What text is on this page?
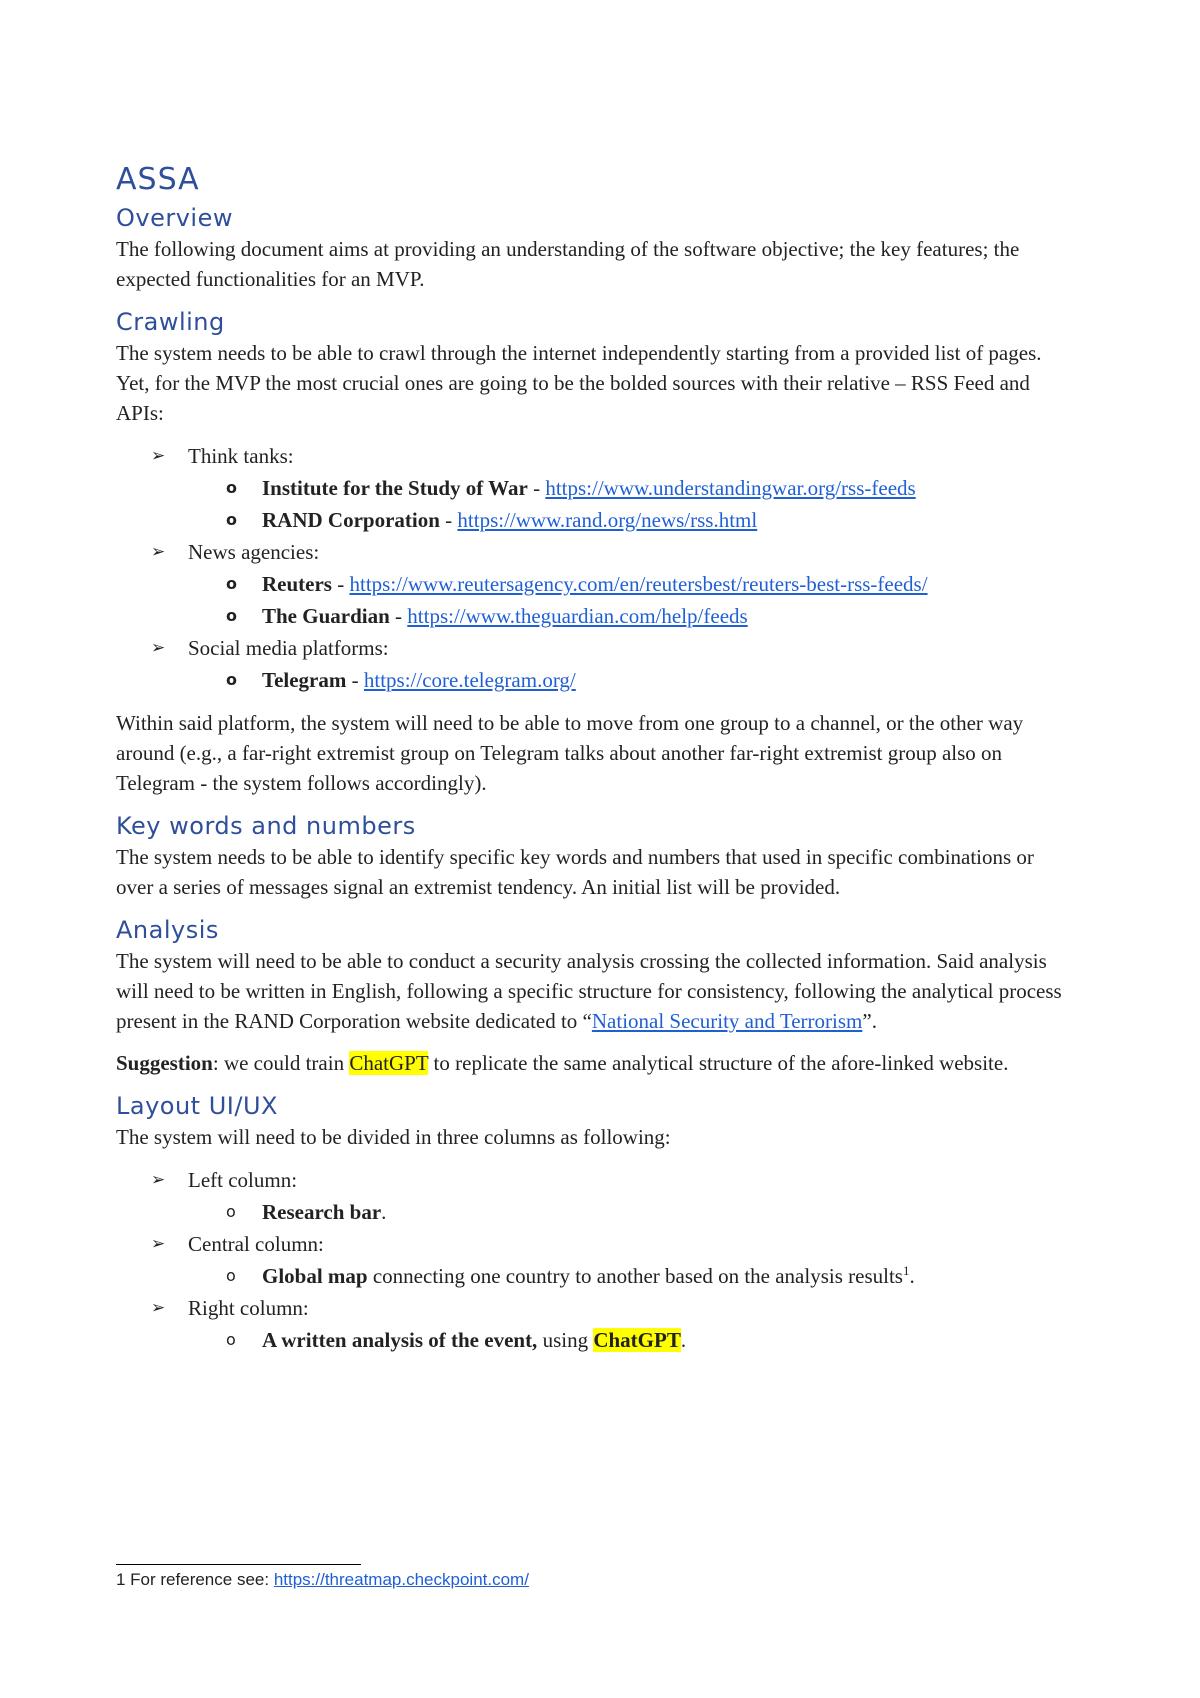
ASSA
Overview

The following document aims at providing an understanding of the software objective; the key features; the expected functionalities for an MVP.

Crawling

The system needs to be able to crawl through the internet independently starting from a provided list of pages. Yet, for the MVP the most crucial ones are going to be the bolded sources with their relative – RSS Feed and APIs:

➢ Think tanks:
o Institute for the Study of War - https://www.understandingwar.org/rss-feeds
o RAND Corporation - https://www.rand.org/news/rss.html
➢ News agencies:
o Reuters - https://www.reutersagency.com/en/reutersbest/reuters-best-rss-feeds/
o The Guardian - https://www.theguardian.com/help/feeds
➢ Social media platforms:
o Telegram - https://core.telegram.org/

Within said platform, the system will need to be able to move from one group to a channel, or the other way around (e.g., a far-right extremist group on Telegram talks about another far-right extremist group also on Telegram - the system follows accordingly).

Key words and numbers

The system needs to be able to identify specific key words and numbers that used in specific combinations or over a series of messages signal an extremist tendency. An initial list will be provided.

Analysis

The system will need to be able to conduct a security analysis crossing the collected information. Said analysis will need to be written in English, following a specific structure for consistency, following the analytical process present in the RAND Corporation website dedicated to “National Security and Terrorism”.

Suggestion: we could train ChatGPT to replicate the same analytical structure of the afore-linked website.

Layout UI/UX

The system will need to be divided in three columns as following:

➢ Left column:
o Research bar.
➢ Central column:
o Global map connecting one country to another based on the analysis results$^1$.
➢ Right column:
o A written analysis of the event, using ChatGPT.
1 For reference see: https://threatmap.checkpoint.com/
